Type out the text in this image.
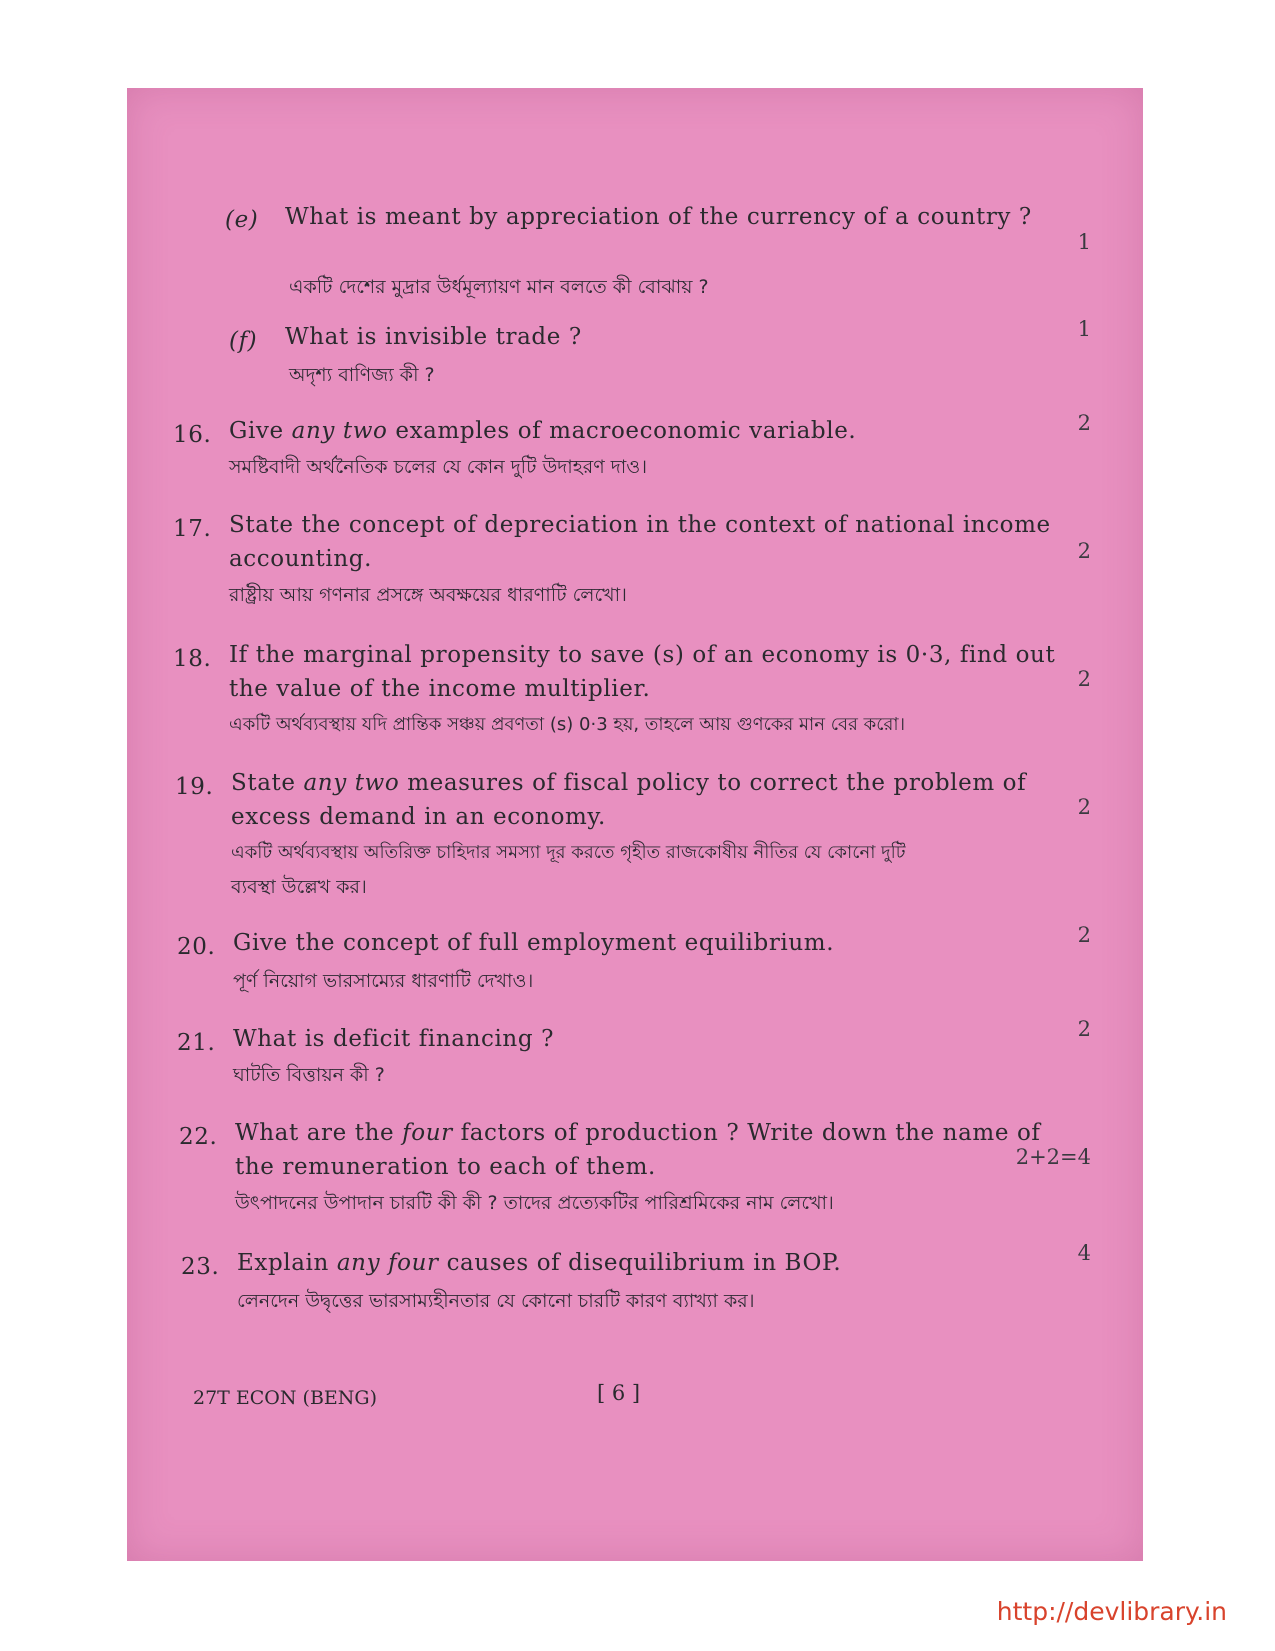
(e) What is meant by appreciation of the currency of a country ?
1
একটি দেশের মুদ্রার উর্ধমূল্যায়ণ মান বলতে কী বোঝায় ?
(f) What is invisible trade ?	1
অদৃশ্য বাণিজ্য কী ?
16. Give any two examples of macroeconomic variable.	2
সমষ্টিবাদী অর্থনৈতিক চলের যে কোন দুটি উদাহরণ দাও।
17. State the concept of depreciation in the context of national income
accounting.	2
রাষ্ট্রীয় আয় গণনার প্রসঙ্গে অবক্ষয়ের ধারণাটি লেখো।
18. If the marginal propensity to save (s) of an economy is 0·3, find out
the value of the income multiplier.	2
একটি অর্থব্যবস্থায় যদি প্রান্তিক সঞ্চয় প্রবণতা (s) 0·3 হয়, তাহলে আয় গুণকের মান বের করো।
19. State any two measures of fiscal policy to correct the problem of
excess demand in an economy.	2
একটি অর্থব্যবস্থায় অতিরিক্ত চাহিদার সমস্যা দূর করতে গৃহীত রাজকোষীয় নীতির যে কোনো দুটি
ব্যবস্থা উল্লেখ কর।
20. Give the concept of full employment equilibrium.	2
পূর্ণ নিয়োগ ভারসাম্যের ধারণাটি দেখাও।
21. What is deficit financing ?	2
ঘাটতি বিত্তায়ন কী ?
22. What are the four factors of production ? Write down the name of
the remuneration to each of them.	2+2=4
উৎপাদনের উপাদান চারটি কী কী ? তাদের প্রত্যেকটির পারিশ্রমিকের নাম লেখো।
23. Explain any four causes of disequilibrium in BOP.	4
লেনদেন উদ্বৃত্তের ভারসাম্যহীনতার যে কোনো চারটি কারণ ব্যাখ্যা কর।
27T ECON (BENG)	[ 6 ]
http://devlibrary.in
